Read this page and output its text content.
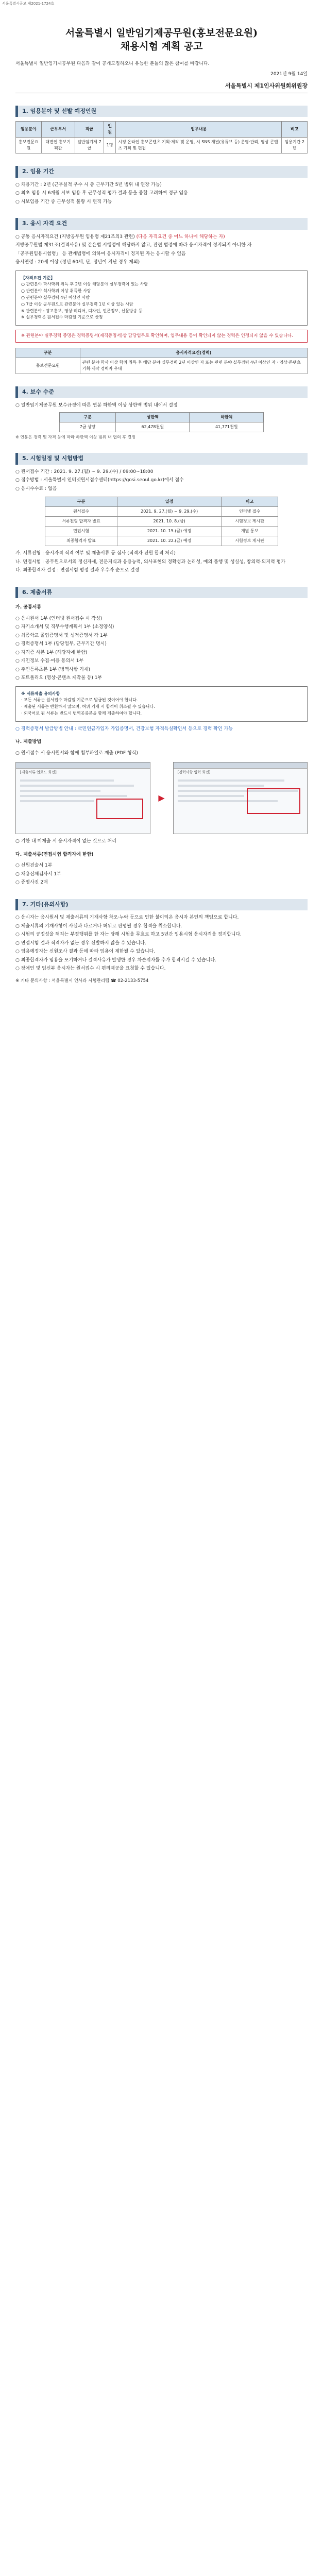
서울특별시공고 제2021-1724호
서울특별시 일반임기제공무원(홍보전문요원)
채용시험 계획 공고
서울특별시 일반임기제공무원 다음과 같이 공개모집하오니 유능한 분들의 많은 참여를 바랍니다.
2021년 9월 14일
서울특별시 제1인사위원회위원장
1. 임용분야 및 선발 예정인원
임용분야	근무부서	직급	인원	업무내용	비고
홍보전문요원	대변인 홍보기획관	일반임기제 7급	1명	시정 온라인 홍보콘텐츠 기획·제작 및 운영, 시 SNS 채널(유튜브 등) 운영·관리, 영상 콘텐츠 기획 및 편집	임용기간 2년
2. 임용 기간
○ 채용기간 : 2년 (근무실적 우수 시 총 근무기간 5년 범위 내 연장 가능)
○ 최초 임용 시 6개월 시보 임용 후 근무성적 평가 결과 등을 종합 고려하여 정규 임용
○ 시보임용 기간 중 근무성적 불량 시 면직 가능
3. 응시 자격 요건
○ 공통 응시자격요건 (지방공무원 임용령 제21조의3 관련) (다음 자격요건 중 어느 하나에 해당하는 자)
지방공무원법 제31조(결격사유) 및 같은법 시행령에 해당하지 않고, 관련 법령에 따라 응시자격이 정지되지 아니한 자
「공무원임용시험령」 등 관계법령에 의하여 응시자격이 정지된 자는 응시할 수 없음
응시연령 : 20세 이상 (정년 60세, 단, 정년이 지난 경우 제외)
【자격요건 기준】
○ 관련분야 학사학위 취득 후 2년 이상 해당분야 실무경력이 있는 사람
○ 관련분야 석사학위 이상 취득한 사람
○ 관련분야 실무경력 4년 이상인 사람
○ 7급 이상 공무원으로 관련분야 실무경력 1년 이상 있는 사람
※ 관련분야 : 광고홍보, 영상·미디어, 디자인, 언론정보, 신문방송 등
※ 실무경력은 원서접수 마감일 기준으로 산정
※ 관련분야 실무경력 증명은 경력증명서(재직증명서)상 담당업무로 확인하며, 업무내용 등이 확인되지 않는 경력은 인정되지 않을 수 있습니다.
구분	응시자격요건(경력)
홍보전문요원	관련 분야 학사 이상 학위 취득 후 해당 분야 실무경력 2년 이상인 자 또는 관련 분야 실무경력 4년 이상인 자 · 영상·콘텐츠 기획·제작 경력자 우대
4. 보수 수준
○ 일반임기제공무원 보수규정에 따른 연봉 하한액 이상 상한액 범위 내에서 결정
구분	상한액	하한액
7급 상당	62,478천원	41,771천원
※ 연봉은 경력 및 자격 등에 따라 하한액 이상 범위 내 협의 후 결정
5. 시험일정 및 시험방법
○ 원서접수 기간 : 2021. 9. 27.(월) ~ 9. 29.(수) / 09:00~18:00
○ 접수방법 : 서울특별시 인터넷원서접수센터(https://gosi.seoul.go.kr)에서 접수
○ 응시수수료 : 없음
구분	일정	비고
원서접수	2021. 9. 27.(월) ~ 9. 29.(수)	인터넷 접수
서류전형 합격자 발표	2021. 10. 8.(금)	시험정보 게시판
면접시험	2021. 10. 15.(금) 예정	개별 통보
최종합격자 발표	2021. 10. 22.(금) 예정	시험정보 게시판
가. 서류전형 : 응시자격 적격 여부 및 제출서류 등 심사 (적격자 전원 합격 처리)
나. 면접시험 : 공무원으로서의 정신자세, 전문지식과 응용능력, 의사표현의 정확성과 논리성, 예의·품행 및 성실성, 창의력·의지력 평가
다. 최종합격자 결정 : 면접시험 평정 결과 우수자 순으로 결정
6. 제출서류
가. 공통서류
○ 응시원서 1부 (인터넷 원서접수 시 작성)
○ 자기소개서 및 직무수행계획서 1부 (소정양식)
○ 최종학교 졸업증명서 및 성적증명서 각 1부
○ 경력증명서 1부 (담당업무, 근무기간 명시)
○ 자격증 사본 1부 (해당자에 한함)
○ 개인정보 수집·이용 동의서 1부
○ 주민등록초본 1부 (병역사항 기재)
○ 포트폴리오 (영상·콘텐츠 제작물 등) 1부
※ 서류제출 유의사항
· 모든 서류는 원서접수 마감일 기준으로 발급된 것이어야 합니다.
· 제출된 서류는 반환하지 않으며, 허위 기재 시 합격이 취소될 수 있습니다.
· 외국어로 된 서류는 반드시 번역공증본을 함께 제출하여야 합니다.
○ 경력증명서 발급방법 안내 : 국민연금가입자 가입증명서, 건강보험 자격득실확인서 등으로 경력 확인 가능
나. 제출방법
○ 원서접수 시 응시원서와 함께 첨부파일로 제출 (PDF 형식)
[제출서류 업로드 화면]
▶
[경력사항 입력 화면]
○ 기한 내 미제출 시 응시자격이 없는 것으로 처리
다. 제출서류(면접시험 합격자에 한함)
○ 신원진술서 1부
○ 채용신체검사서 1부
○ 증명사진 2매
7. 기타(유의사항)
○ 응시자는 응시원서 및 제출서류의 기재사항 착오·누락 등으로 인한 불이익은 응시자 본인의 책임으로 합니다.
○ 제출서류의 기재사항이 사실과 다르거나 허위로 판명될 경우 합격을 취소합니다.
○ 시험의 공정성을 해치는 부정행위를 한 자는 당해 시험을 무효로 하고 5년간 임용시험 응시자격을 정지합니다.
○ 면접시험 결과 적격자가 없는 경우 선발하지 않을 수 있습니다.
○ 임용예정자는 신원조사 결과 등에 따라 임용이 제한될 수 있습니다.
○ 최종합격자가 임용을 포기하거나 결격사유가 발생한 경우 차순위자를 추가 합격시킬 수 있습니다.
○ 장애인 및 임신부 응시자는 원서접수 시 편의제공을 요청할 수 있습니다.
※ 기타 문의사항 : 서울특별시 인사과 시험관리팀 ☎ 02-2133-5754
